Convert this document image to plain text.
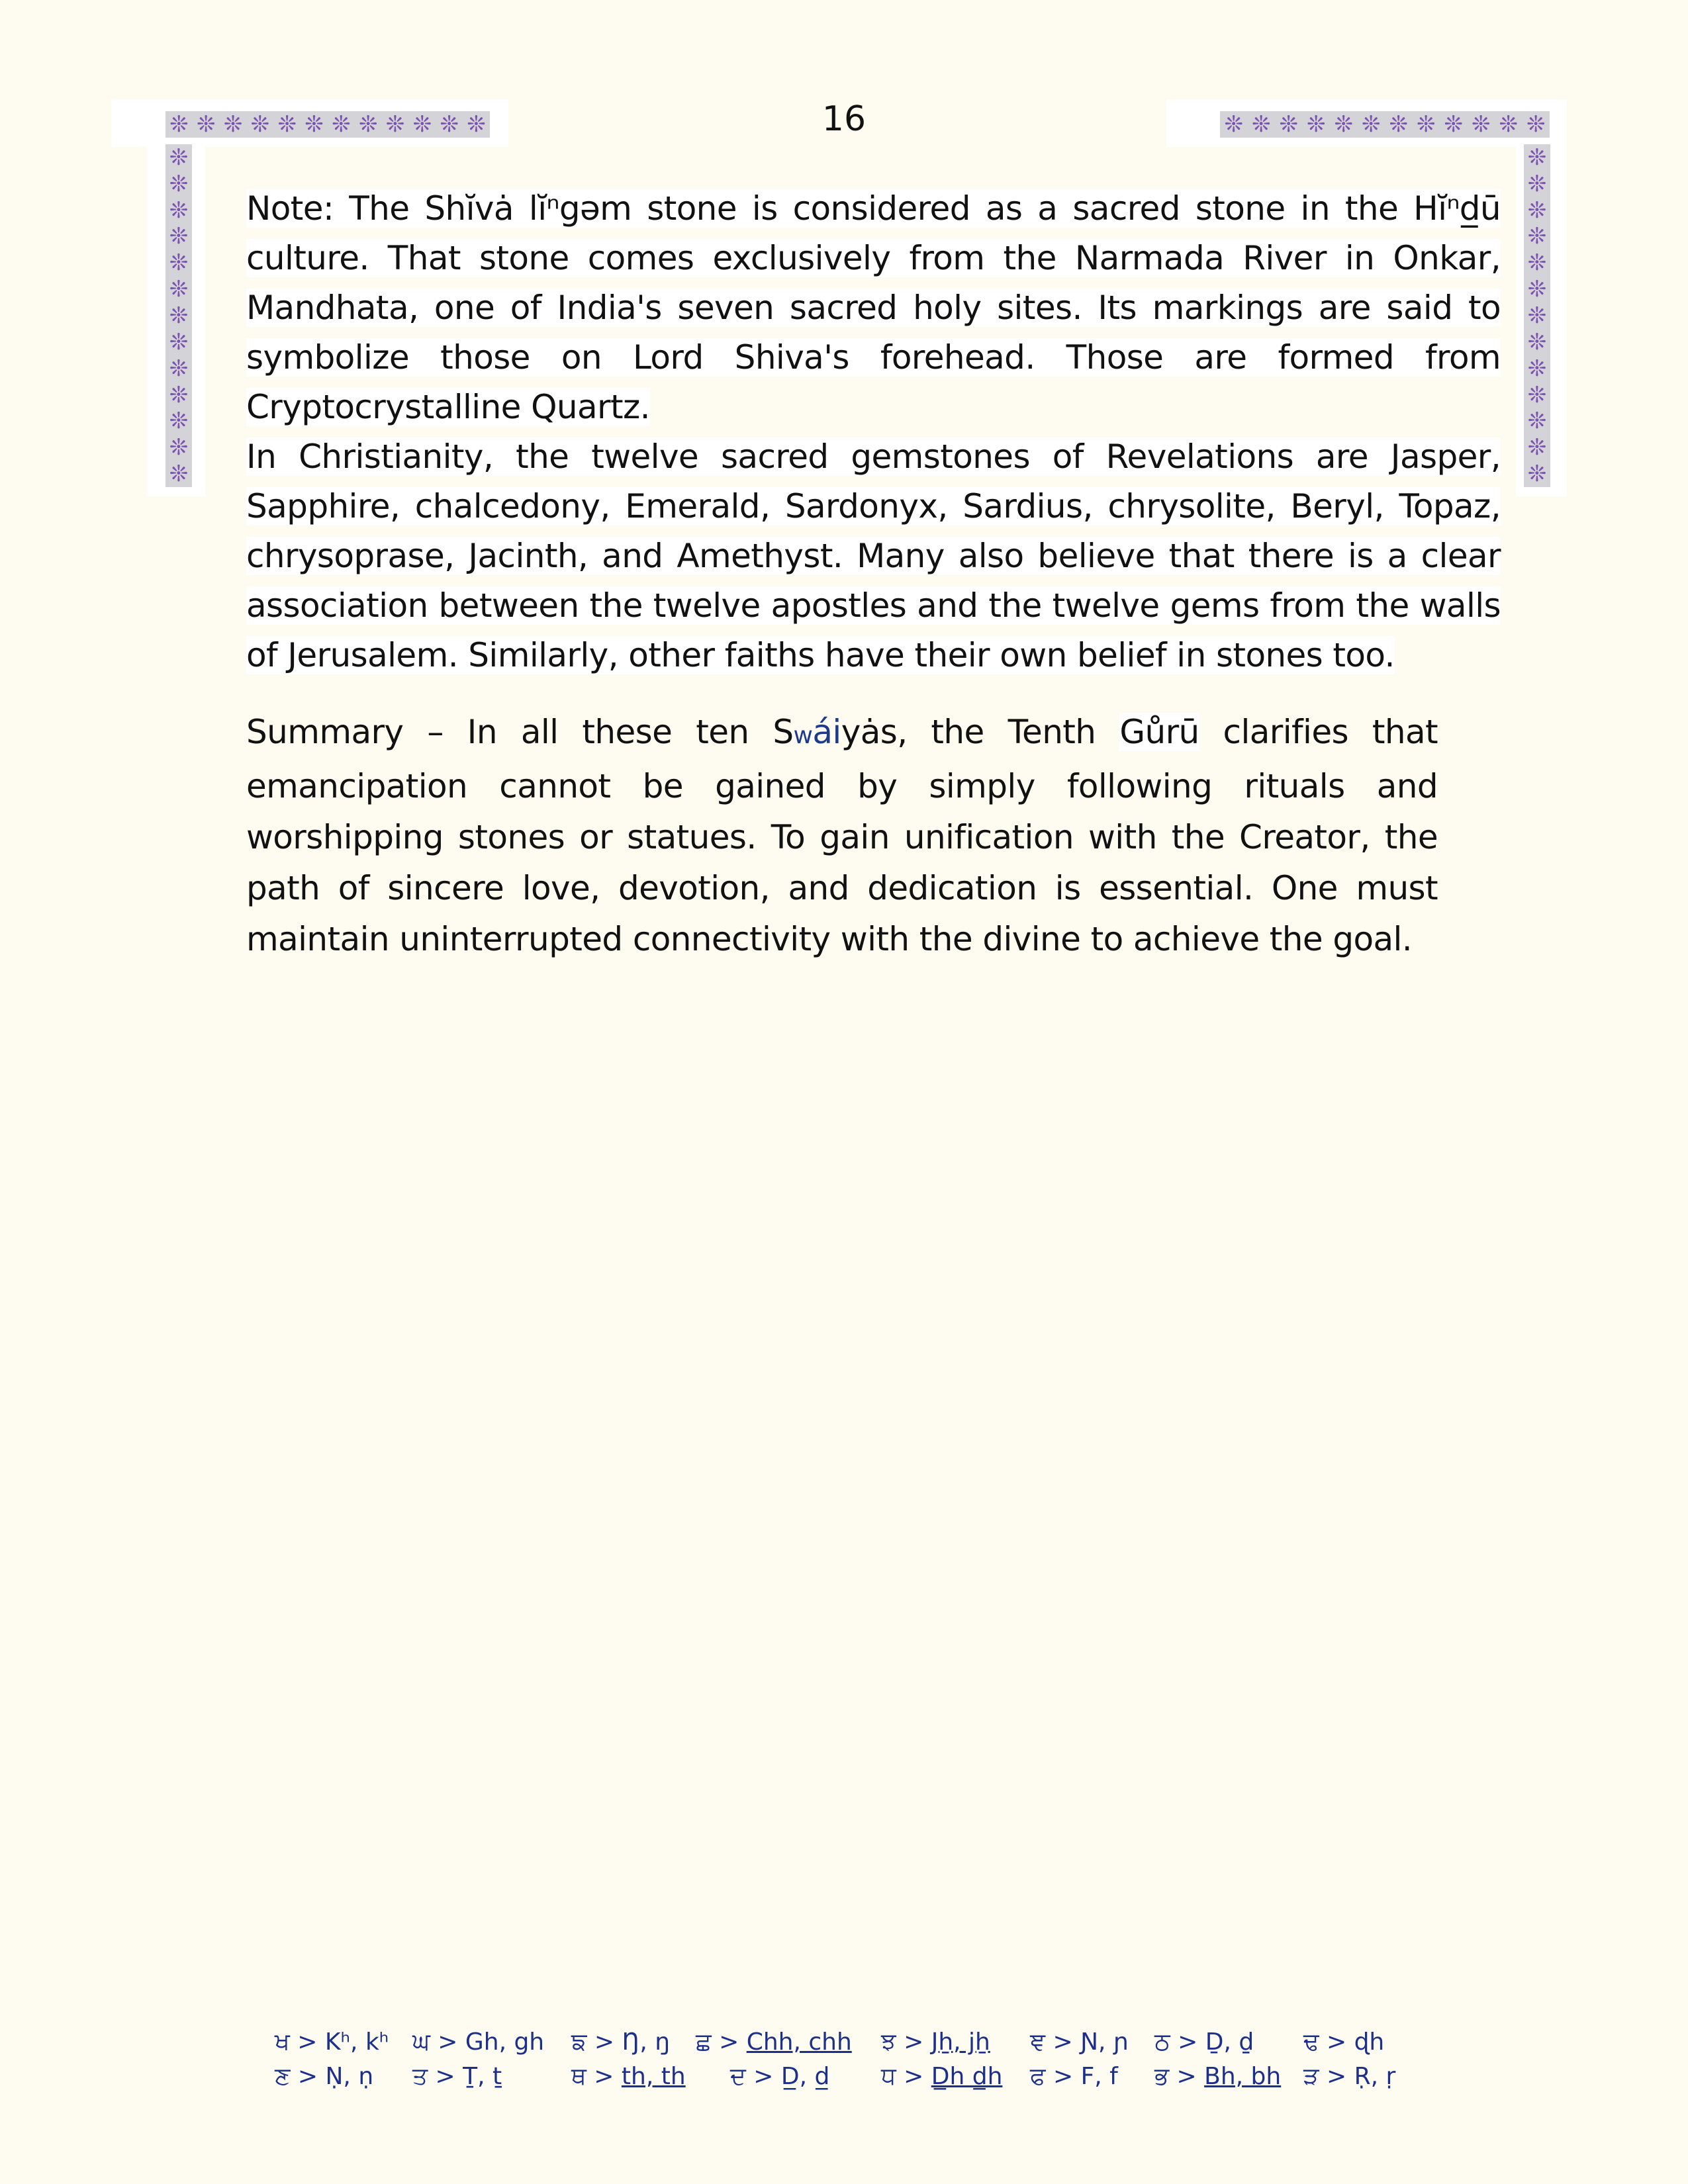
❊ ❊ ❊ ❊ ❊ ❊ ❊ ❊ ❊ ❊ ❊ ❊
❊
❊
❊
❊
❊
❊
❊
❊
❊
❊
❊
❊
❊
❊ ❊ ❊ ❊ ❊ ❊ ❊ ❊ ❊ ❊ ❊ ❊
❊
❊
❊
❊
❊
❊
❊
❊
❊
❊
❊
❊
❊
16
Note: The Shĭvȧ lĭⁿgəm stone is considered as a sacred stone in the Hĭⁿd̲ū culture. That stone comes exclusively from the Narmada River in Onkar, Mandhata, one of India's seven sacred holy sites. Its markings are said to symbolize those on Lord Shiva's forehead. Those are formed from Cryptocrystalline Quartz.
In Christianity, the twelve sacred gemstones of Revelations are Jasper, Sapphire, chalcedony, Emerald, Sardonyx, Sardius, chrysolite, Beryl, Topaz, chrysoprase, Jacinth, and Amethyst. Many also believe that there is a clear association between the twelve apostles and the twelve gems from the walls of Jerusalem. Similarly, other faiths have their own belief in stones too.
Summary – In all these ten Swáiyȧs, the Tenth Gůrū clarifies that emancipation cannot be gained by simply following rituals and worshipping stones or statues. To gain unification with the Creator, the path of sincere love, devotion, and dedication is essential. One must maintain uninterrupted connectivity with the divine to achieve the goal.
ਖ > Kʰ, kʰ ਘ > Gh, gh	ਙ > Ŋ, ŋ	ਛ > Chh, chh	ਝ > Jẖ, jẖ	ਞ > Ɲ, ɲ	ਠ > Ḏ, ḏ	ਢ > ɖh
ਣ > Ṇ, ṇ	ਤ > Ṯ, ṯ	ਥ > th, th	ਦ > D̲, d̲	ਧ > D̲h d̲h	ਫ > F, f	ਭ > Bh, bh ੜ > Ṛ, ṛ
